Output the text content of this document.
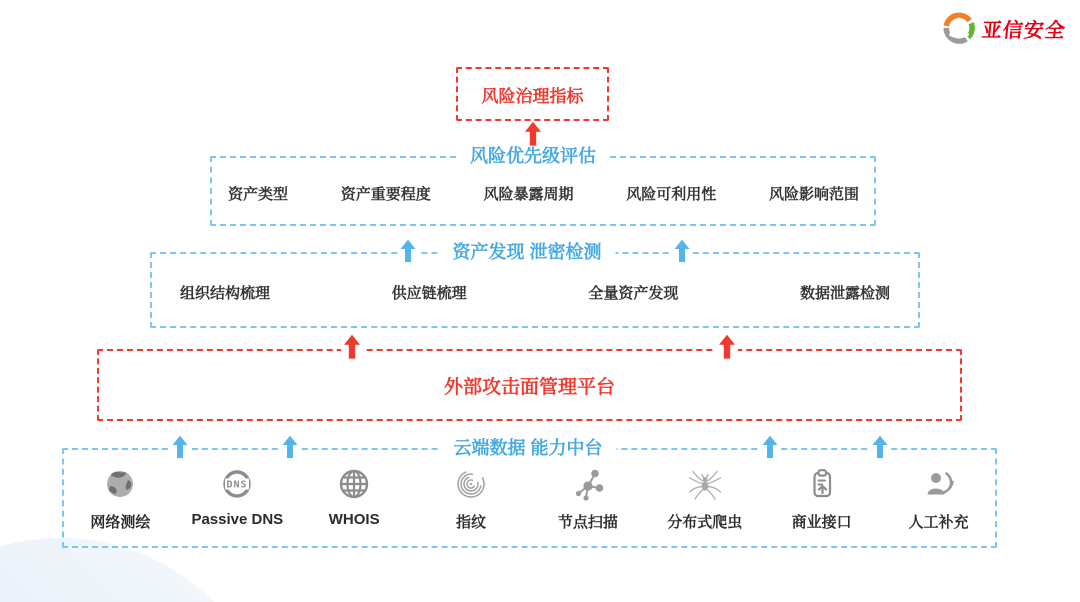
亚信安全
风险治理指标
风险优先级评估
资产类型	资产重要程度	风险暴露周期	风险可利用性	风险影响范围
资产发现 泄密检测
组织结构梳理	供应链梳理	全量资产发现	数据泄露检测
外部攻击面管理平台
云端数据 能力中台
网络测绘
DNS
Passive DNS	WHOIS	指纹	节点扫描	分布式爬虫	商业接口	人工补充
